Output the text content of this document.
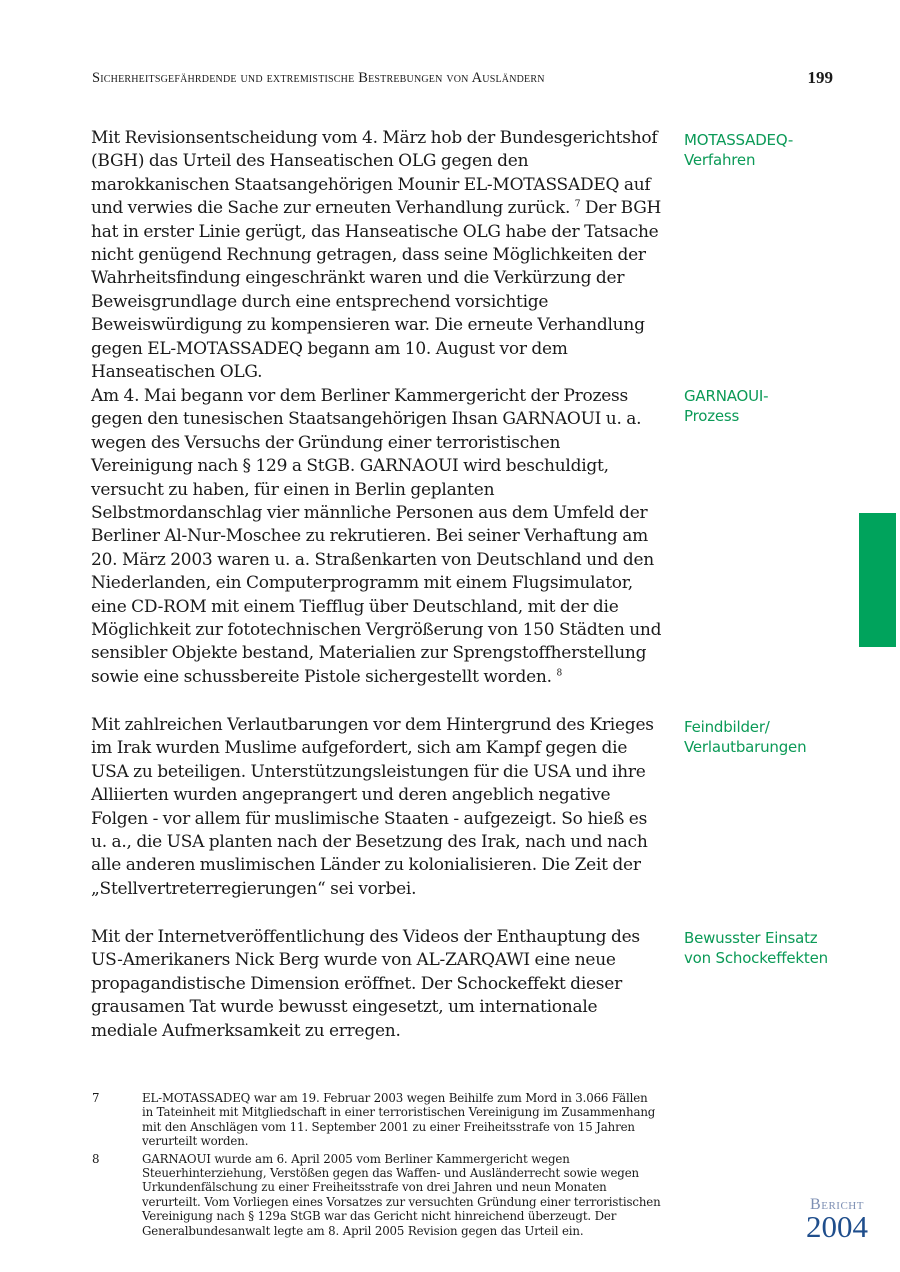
Sicherheitsgefährdende und extremistische Bestrebungen von Ausländern	199

Mit Revisionsentscheidung vom 4. März hob der Bundesgerichtshof (BGH) das Urteil des Hanseatischen OLG gegen den marokkanischen Staatsangehörigen Mounir EL-MOTASSADEQ auf und verwies die Sache zur erneuten Verhandlung zurück. $^7$ Der BGH hat in erster Linie gerügt, das Hanseatische OLG habe der Tatsache nicht genügend Rechnung getragen, dass seine Möglichkeiten der Wahrheitsfindung eingeschränkt waren und die Verkürzung der Beweisgrundlage durch eine entsprechend vorsichtige Beweiswürdigung zu kompensieren war. Die erneute Verhandlung gegen EL-MOTASSADEQ begann am 10. August vor dem Hanseatischen OLG.

Am 4. Mai begann vor dem Berliner Kammergericht der Prozess gegen den tunesischen Staatsangehörigen Ihsan GARNAOUI u. a. wegen des Versuchs der Gründung einer terroristischen Vereinigung nach § 129 a StGB. GARNAOUI wird beschuldigt, versucht zu haben, für einen in Berlin geplanten Selbstmordanschlag vier männliche Personen aus dem Umfeld der Berliner Al-Nur-Moschee zu rekrutieren. Bei seiner Verhaftung am 20. März 2003 waren u. a. Straßenkarten von Deutschland und den Niederlanden, ein Computerprogramm mit einem Flugsimulator, eine CD-ROM mit einem Tiefflug über Deutschland, mit der die Möglichkeit zur fototechnischen Vergrößerung von 150 Städten und sensibler Objekte bestand, Materialien zur Sprengstoffherstellung sowie eine schussbereite Pistole sichergestellt worden. $^8$

Mit zahlreichen Verlautbarungen vor dem Hintergrund des Krieges im Irak wurden Muslime aufgefordert, sich am Kampf gegen die USA zu beteiligen. Unterstützungsleistungen für die USA und ihre Alliierten wurden angeprangert und deren angeblich negative Folgen - vor allem für muslimische Staaten - aufgezeigt. So hieß es u. a., die USA planten nach der Besetzung des Irak, nach und nach alle anderen muslimischen Länder zu kolonialisieren. Die Zeit der „Stellvertreterregierungen“ sei vorbei.

Mit der Internetveröffentlichung des Videos der Enthauptung des US-Amerikaners Nick Berg wurde von AL-ZARQAWI eine neue propagandistische Dimension eröffnet. Der Schockeffekt dieser grausamen Tat wurde bewusst eingesetzt, um internationale mediale Aufmerksamkeit zu erregen.

MOTASSADEQ-
Verfahren
GARNAOUI-
Prozess
Feindbilder/
Verlautbarungen
Bewusster Einsatz
von Schockeffekten
7	EL-MOTASSADEQ war am 19. Februar 2003 wegen Beihilfe zum Mord in 3.066 Fällen in Tateinheit mit Mitgliedschaft in einer terroristischen Vereinigung im Zusammenhang mit den Anschlägen vom 11. September 2001 zu einer Freiheitsstrafe von 15 Jahren verurteilt worden.
8	GARNAOUI wurde am 6. April 2005 vom Berliner Kammergericht wegen Steuerhinterziehung, Verstößen gegen das Waffen- und Ausländerrecht sowie wegen Urkundenfälschung zu einer Freiheitsstrafe von drei Jahren und neun Monaten verurteilt. Vom Vorliegen eines Vorsatzes zur versuchten Gründung einer terroristischen Vereinigung nach § 129a StGB war das Gericht nicht hinreichend überzeugt. Der Generalbundesanwalt legte am 8. April 2005 Revision gegen das Urteil ein.
Bericht
2004
